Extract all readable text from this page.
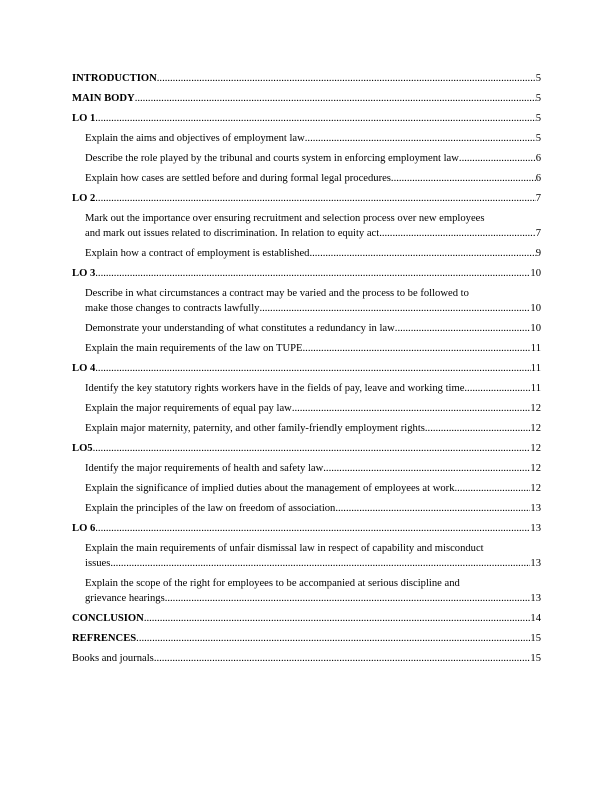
INTRODUCTION .....	5
MAIN BODY .....	5
LO 1 .....	5
Explain the aims and objectives of employment law .....	5
Describe the role played by the tribunal and courts system in enforcing employment law .....	6
Explain how cases are settled before and during formal legal procedures .....	6
LO 2 .....	7
Mark out the importance over ensuring recruitment and selection process over new employees
and mark out issues related to discrimination. In relation to equity act .....	7
Explain how a contract of employment is established .....	9
LO 3 .....	10
Describe in what circumstances a contract may be varied and the process to be followed to
make those changes to contracts lawfully .....	10
Demonstrate your understanding of what constitutes a redundancy in law .....	10
Explain the main requirements of the law on TUPE .....	11
LO 4 .....	11
Identify the key statutory rights workers have in the fields of pay, leave and working time .....	11
Explain the major requirements of equal pay law .....	12
Explain major maternity, paternity, and other family-friendly employment rights .....	12
LO5 .....	12
Identify the major requirements of health and safety law .....	12
Explain the significance of implied duties about the management of employees at work .....	12
Explain the principles of the law on freedom of association .....	13
LO 6 .....	13
Explain the main requirements of unfair dismissal law in respect of capability and misconduct
issues .....	13
Explain the scope of the right for employees to be accompanied at serious discipline and
grievance hearings .....	13
CONCLUSION .....	14
REFRENCES .....	15
Books and journals .....	15
